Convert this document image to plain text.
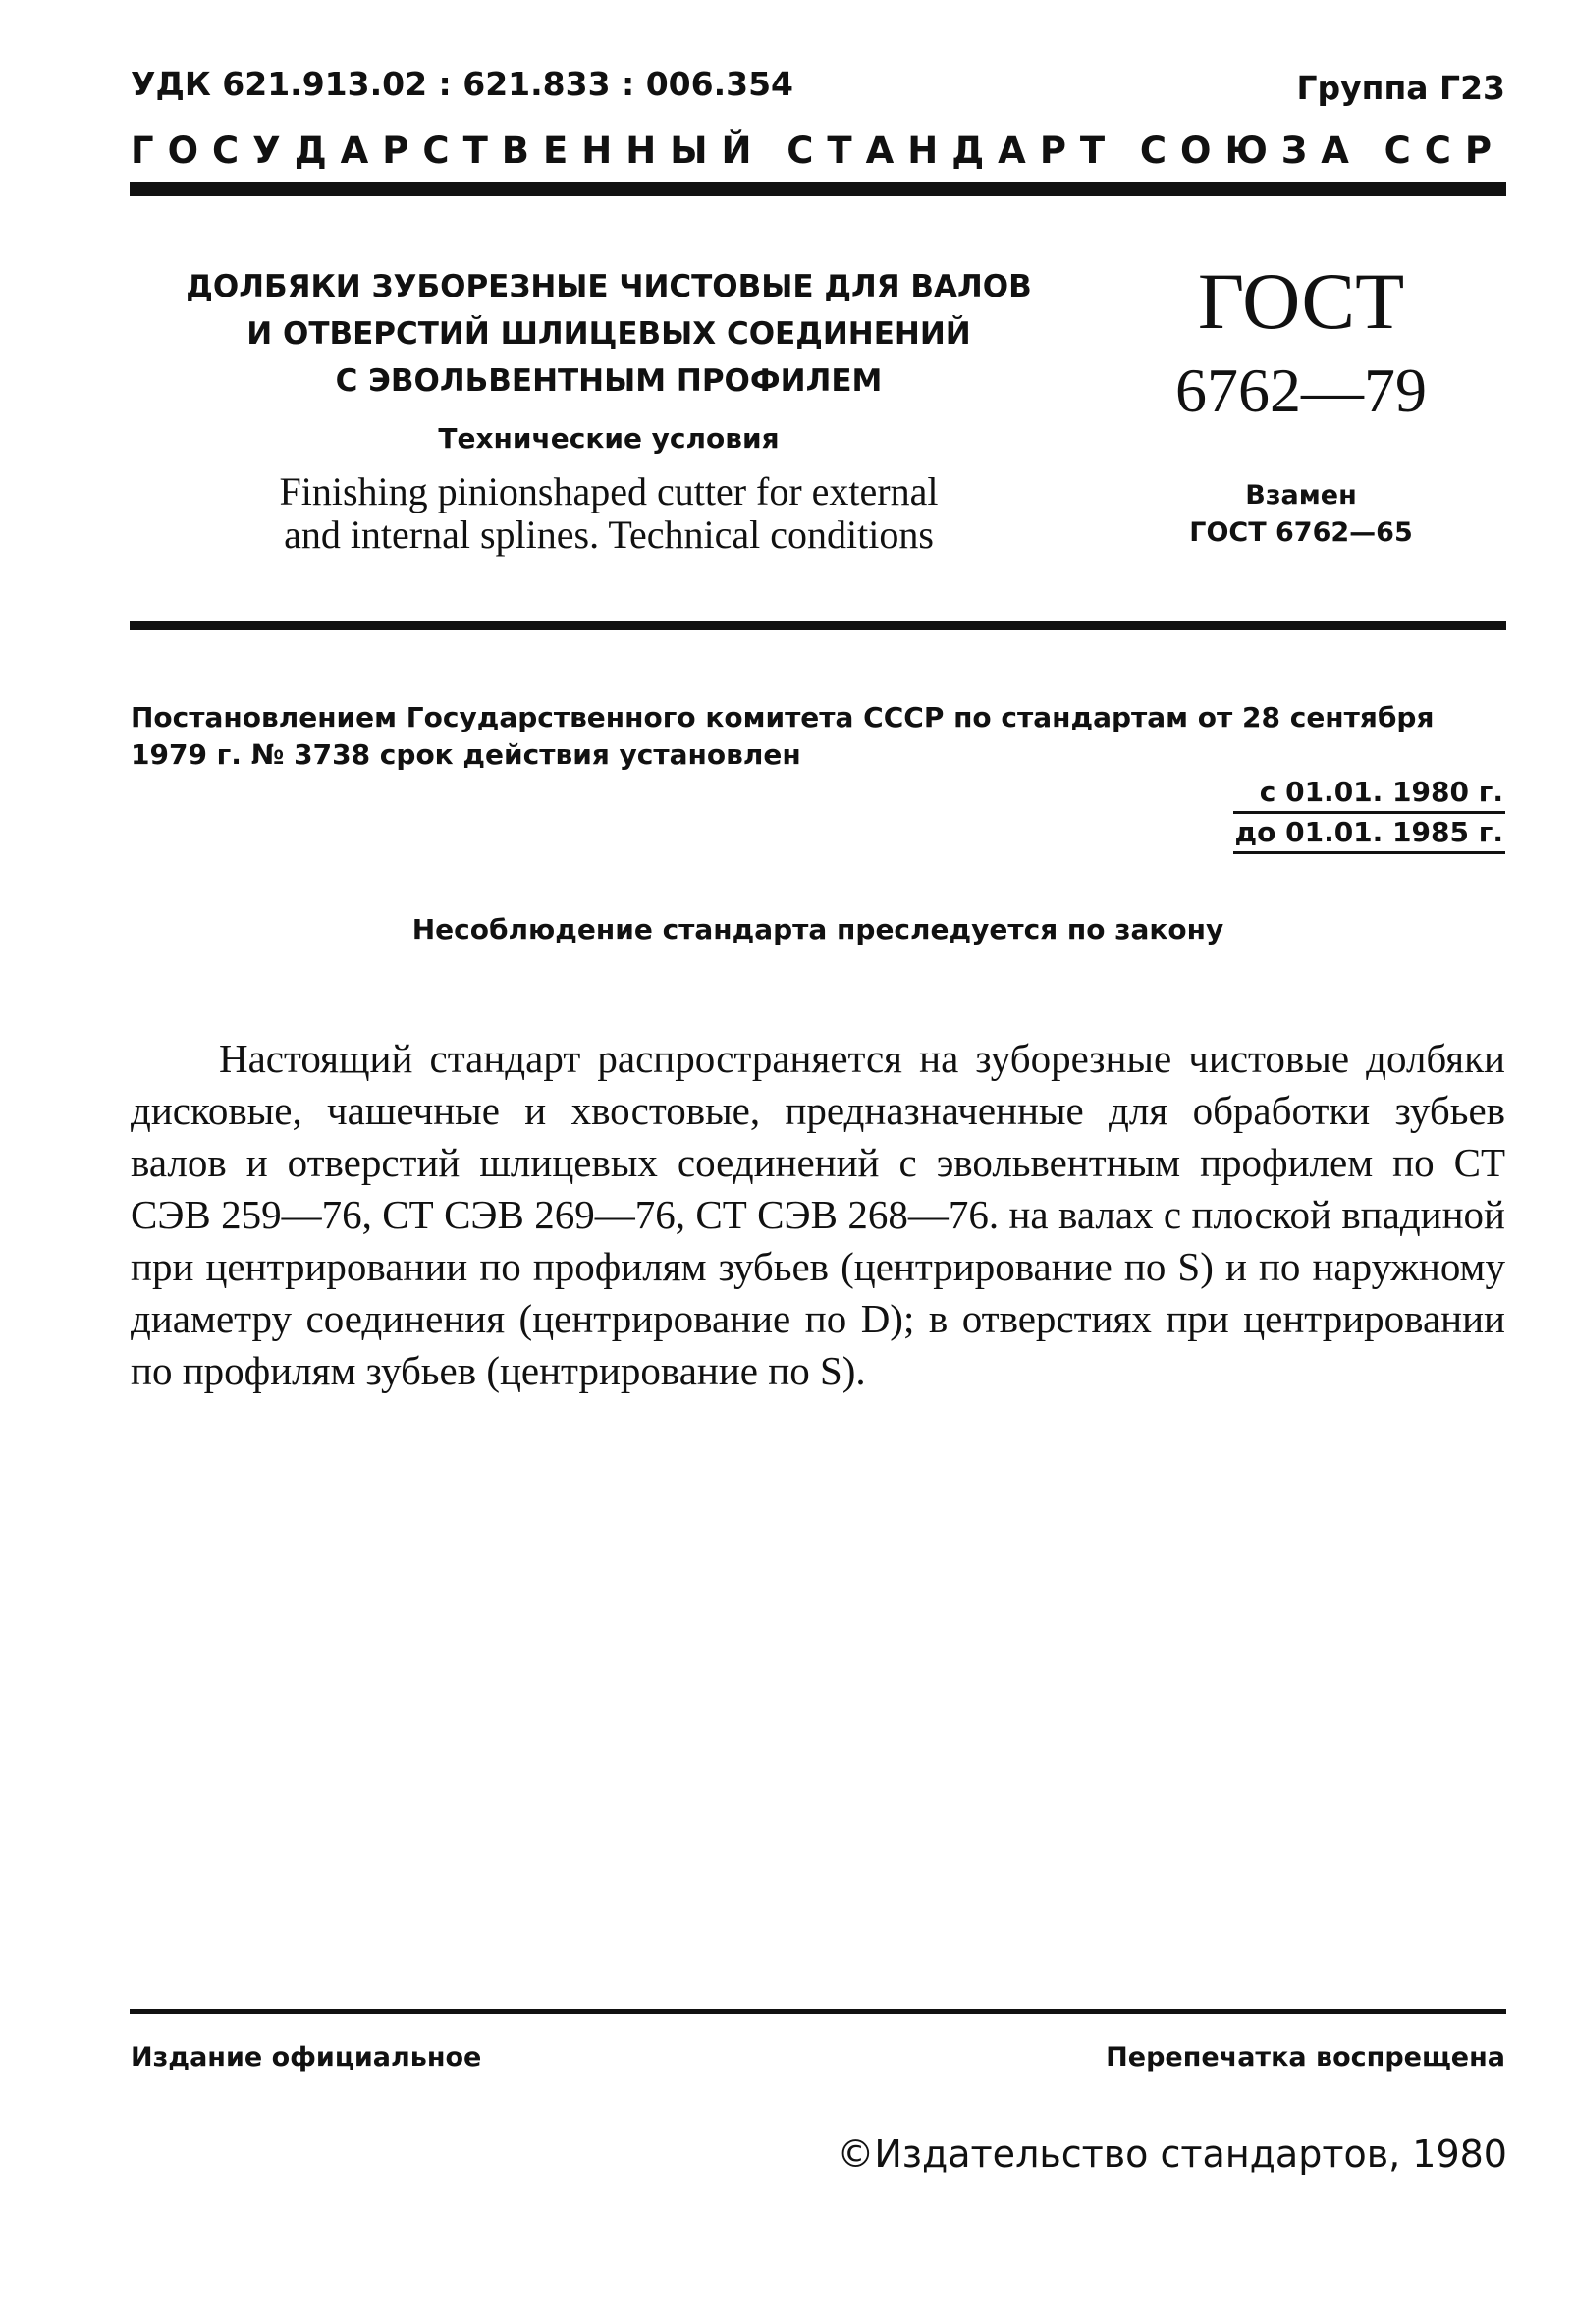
УДК 621.913.02 : 621.833 : 006.354	Группа Г23
ГОСУДАРСТВЕННЫЙ СТАНДАРТ СОЮЗА ССР
ДОЛБЯКИ ЗУБОРЕЗНЫЕ ЧИСТОВЫЕ ДЛЯ ВАЛОВ
И ОТВЕРСТИЙ ШЛИЦЕВЫХ СОЕДИНЕНИЙ
С ЭВОЛЬВЕНТНЫМ ПРОФИЛЕМ
Технические условия
Finishing pinionshaped cutter for external
and internal splines. Technical conditions
ГОСТ
6762—79
Взамен
ГОСТ 6762—65
Постановлением Государственного комитета СССР по стандартам от 28 сентября 1979 г. № 3738 срок действия установлен
с 01.01. 1980 г.
до 01.01. 1985 г.
Несоблюдение стандарта преследуется по закону
Настоящий стандарт распространяется на зуборезные чистовые долбяки дисковые, чашечные и хвостовые, предназначенные для обработки зубьев валов и отверстий шлицевых соединений с эвольвентным профилем по СТ СЭВ 259—76, СТ СЭВ 269—76, СТ СЭВ 268—76. на валах с плоской впадиной при центрировании по профилям зубьев (центрирование по S) и по наружному диаметру соединения (центрирование по D); в отверстиях при центрировании по профилям зубьев (центрирование по S).
Издание официальное	Перепечатка воспрещена
©Издательство стандартов, 1980
